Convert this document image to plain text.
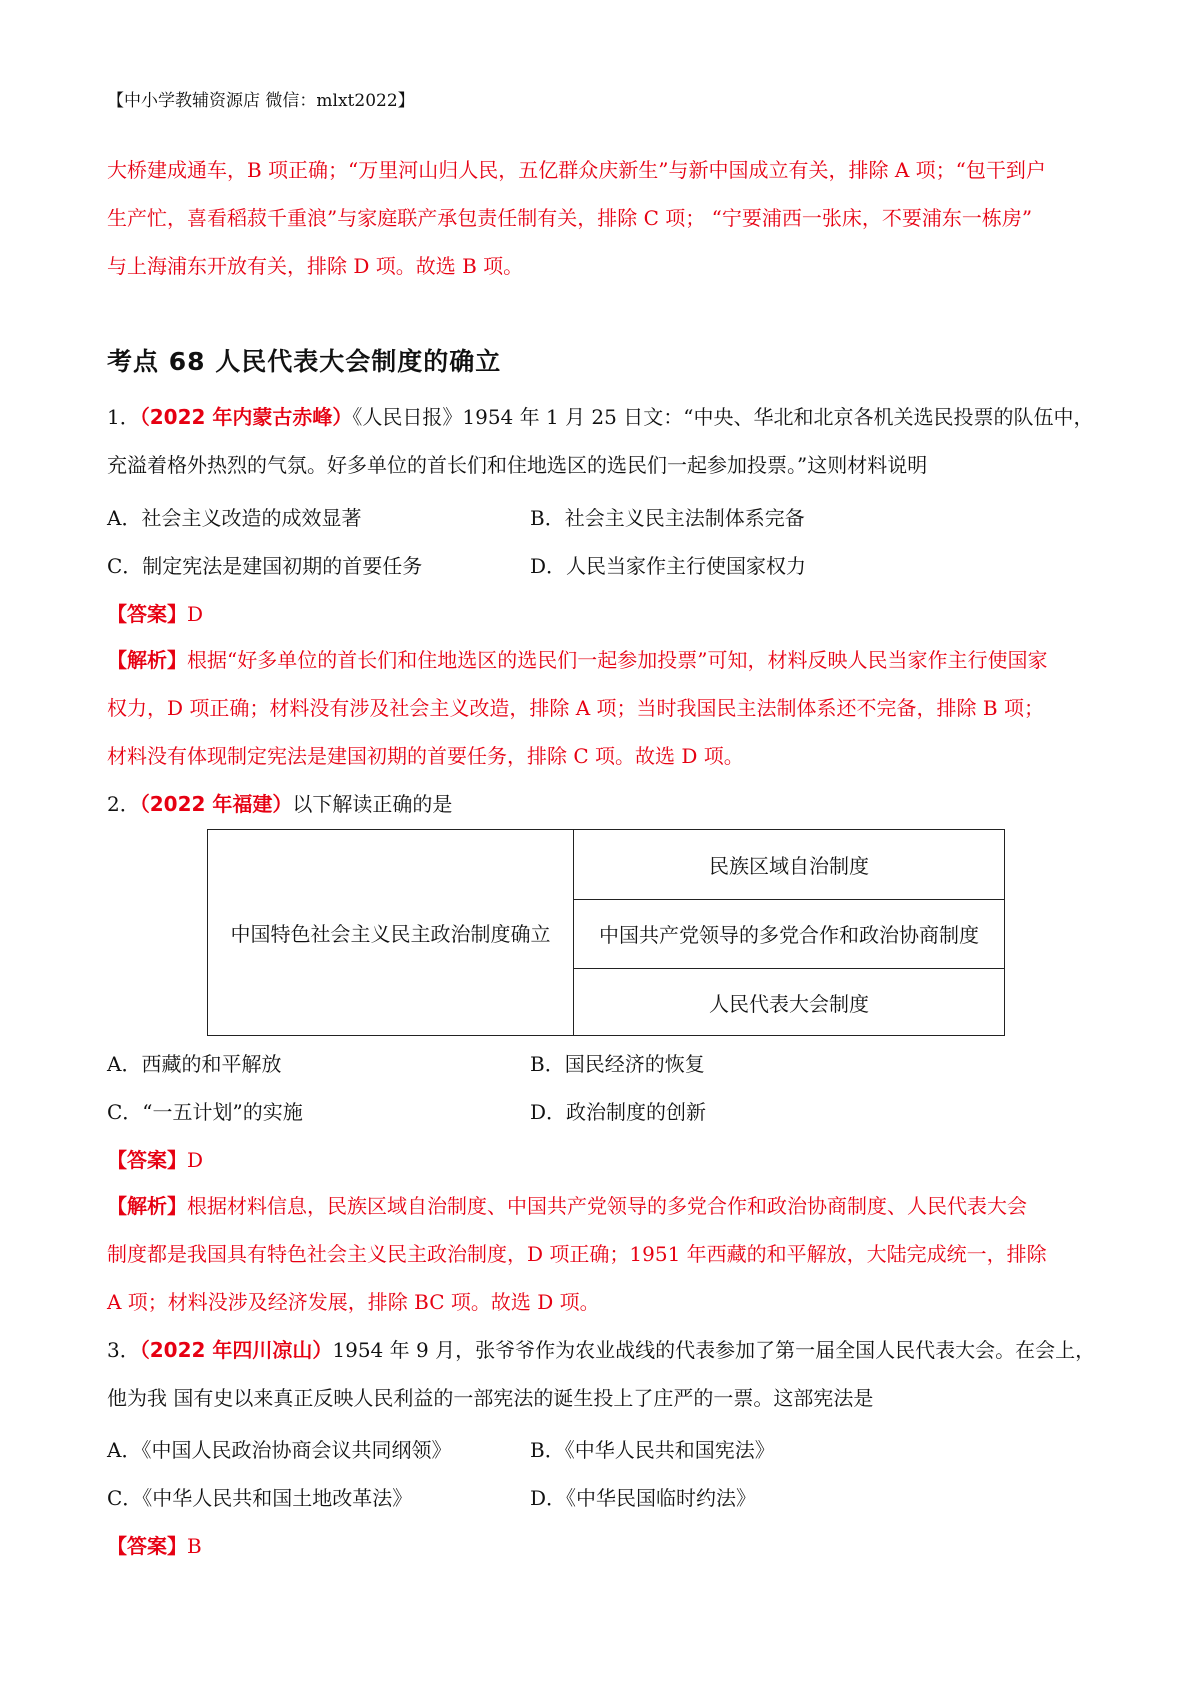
【中小学教辅资源店 微信：mlxt2022】
大桥建成通车，B 项正确；“万里河山归人民，五亿群众庆新生”与新中国成立有关，排除 A 项；“包干到户
生产忙，喜看稻菽千重浪”与家庭联产承包责任制有关，排除 C 项； “宁要浦西一张床，不要浦东一栋房”
与上海浦东开放有关，排除 D 项。故选 B 项。
考点 68 人民代表大会制度的确立
1．（2022 年内蒙古赤峰）《人民日报》1954 年 1 月 25 日文：“中央、华北和北京各机关选民投票的队伍中，
充溢着格外热烈的气氛。好多单位的首长们和住地选区的选民们一起参加投票。”这则材料说明
A．社会主义改造的成效显著	B．社会主义民主法制体系完备
C．制定宪法是建国初期的首要任务	D．人民当家作主行使国家权力
【答案】D
【解析】根据“好多单位的首长们和住地选区的选民们一起参加投票”可知，材料反映人民当家作主行使国家
权力，D 项正确；材料没有涉及社会主义改造，排除 A 项；当时我国民主法制体系还不完备，排除 B 项；
材料没有体现制定宪法是建国初期的首要任务，排除 C 项。故选 D 项。
2．（2022 年福建）以下解读正确的是
中国特色社会主义民主政治制度确立
民族区域自治制度
中国共产党领导的多党合作和政治协商制度
人民代表大会制度
A．西藏的和平解放	B．国民经济的恢复
C．“一五计划”的实施	D．政治制度的创新
【答案】D
【解析】根据材料信息，民族区域自治制度、中国共产党领导的多党合作和政治协商制度、人民代表大会
制度都是我国具有特色社会主义民主政治制度，D 项正确；1951 年西藏的和平解放，大陆完成统一，排除
A 项；材料没涉及经济发展，排除 BC 项。故选 D 项。
3．（2022 年四川凉山）1954 年 9 月，张爷爷作为农业战线的代表参加了第一届全国人民代表大会。在会上，
他为我 国有史以来真正反映人民利益的一部宪法的诞生投上了庄严的一票。这部宪法是
A．《中国人民政治协商会议共同纲领》	B．《中华人民共和国宪法》
C．《中华人民共和国土地改革法》	D．《中华民国临时约法》
【答案】B
